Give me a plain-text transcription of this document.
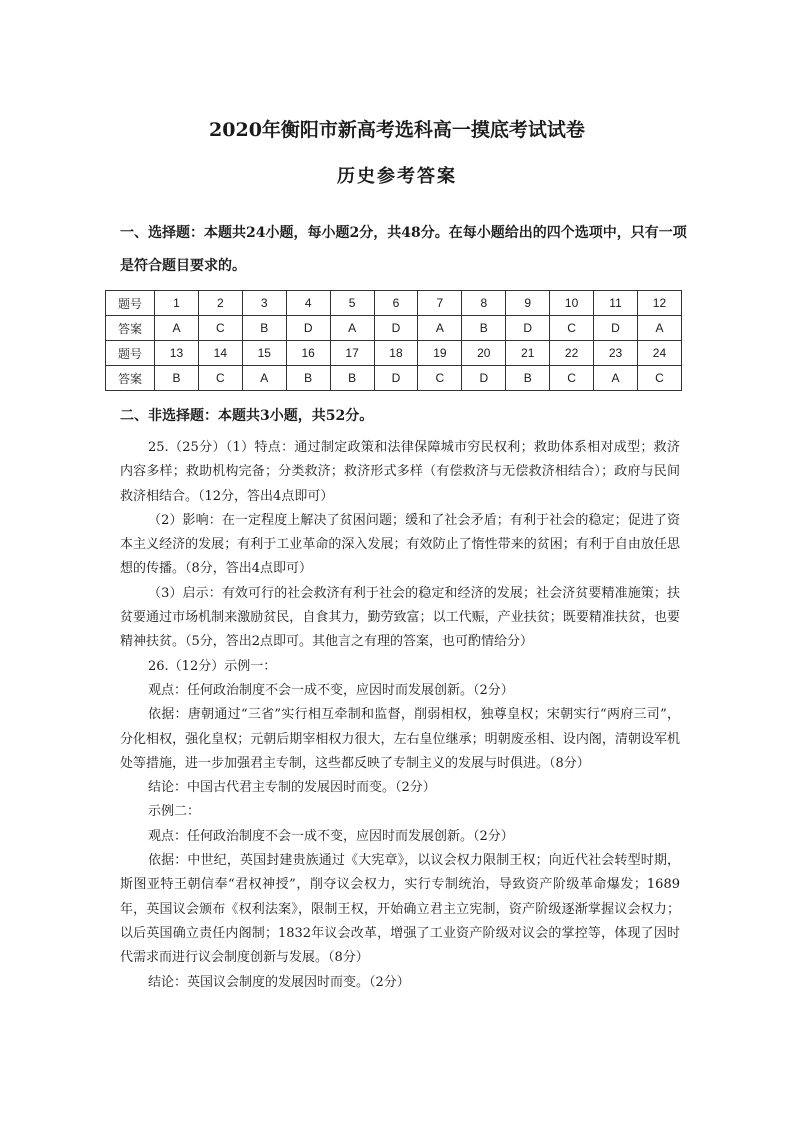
2020年衡阳市新高考选科高一摸底考试试卷
历史参考答案

一、选择题：本题共24小题，每小题2分，共48分。在每小题给出的四个选项中，只有一项是符合题目要求的。

题号	1	2	3	4	5	6	7	8	9	10	11	12
答案	A	C	B	D	A	D	A	B	D	C	D	A
题号	13	14	15	16	17	18	19	20	21	22	23	24
答案	B	C	A	B	B	D	C	D	B	C	A	C

二、非选择题：本题共3小题，共52分。

25.（25分）（1）特点：通过制定政策和法律保障城市穷民权利；救助体系相对成型；救济内容多样；救助机构完备；分类救济；救济形式多样（有偿救济与无偿救济相结合）；政府与民间救济相结合。（12分，答出4点即可）

（2）影响：在一定程度上解决了贫困问题；缓和了社会矛盾；有利于社会的稳定；促进了资本主义经济的发展；有利于工业革命的深入发展；有效防止了惰性带来的贫困；有利于自由放任思想的传播。（8分，答出4点即可）

（3）启示：有效可行的社会救济有利于社会的稳定和经济的发展；社会济贫要精准施策；扶贫要通过市场机制来激励贫民，自食其力，勤劳致富；以工代赈，产业扶贫；既要精准扶贫，也要精神扶贫。（5分，答出2点即可。其他言之有理的答案，也可酌情给分）

26.（12分）示例一：

观点：任何政治制度不会一成不变，应因时而发展创新。（2分）

依据：唐朝通过“三省”实行相互牵制和监督，削弱相权，独尊皇权；宋朝实行“两府三司”，分化相权，强化皇权；元朝后期宰相权力很大，左右皇位继承；明朝废丞相、设内阁，清朝设军机处等措施，进一步加强君主专制，这些都反映了专制主义的发展与时俱进。（8分）

结论：中国古代君主专制的发展因时而变。（2分）

示例二：

观点：任何政治制度不会一成不变，应因时而发展创新。（2分）

依据：中世纪，英国封建贵族通过《大宪章》，以议会权力限制王权；向近代社会转型时期，斯图亚特王朝信奉“君权神授”，削夺议会权力，实行专制统治，导致资产阶级革命爆发；1689年，英国议会颁布《权利法案》，限制王权，开始确立君主立宪制，资产阶级逐渐掌握议会权力；以后英国确立责任内阁制；1832年议会改革，增强了工业资产阶级对议会的掌控等，体现了因时代需求而进行议会制度创新与发展。（8分）

结论：英国议会制度的发展因时而变。（2分）
